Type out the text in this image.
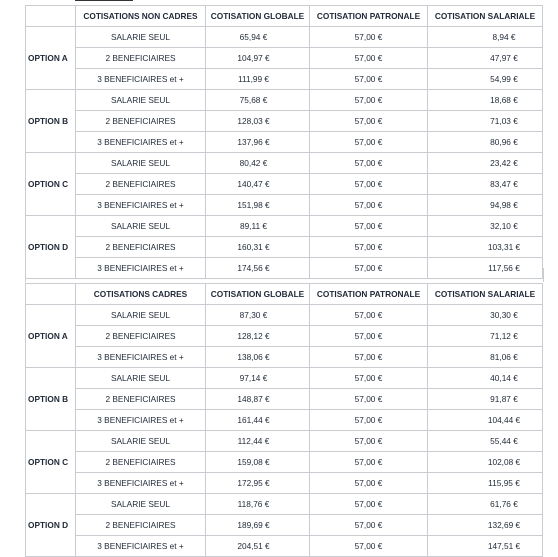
	COTISATIONS NON CADRES	COTISATION GLOBALE	COTISATION PATRONALE	COTISATION SALARIALE
OPTION A	SALARIE SEUL	65,94 €	57,00 €	8,94 €
	2 BENEFICIAIRES	104,97 €	57,00 €	47,97 €
	3 BENEFICIAIRES et +	111,99 €	57,00 €	54,99 €
OPTION B	SALARIE SEUL	75,68 €	57,00 €	18,68 €
	2 BENEFICIAIRES	128,03 €	57,00 €	71,03 €
	3 BENEFICIAIRES et +	137,96 €	57,00 €	80,96 €
OPTION C	SALARIE SEUL	80,42 €	57,00 €	23,42 €
	2 BENEFICIAIRES	140,47 €	57,00 €	83,47 €
	3 BENEFICIAIRES et +	151,98 €	57,00 €	94,98 €
OPTION D	SALARIE SEUL	89,11 €	57,00 €	32,10 €
	2 BENEFICIAIRES	160,31 €	57,00 €	103,31 €
	3 BENEFICIAIRES et +	174,56 €	57,00 €	117,56 €
	COTISATIONS CADRES	COTISATION GLOBALE	COTISATION PATRONALE	COTISATION SALARIALE
OPTION A	SALARIE SEUL	87,30 €	57,00 €	30,30 €
	2 BENEFICIAIRES	128,12 €	57,00 €	71,12 €
	3 BENEFICIAIRES et +	138,06 €	57,00 €	81,06 €
OPTION B	SALARIE SEUL	97,14 €	57,00 €	40,14 €
	2 BENEFICIAIRES	148,87 €	57,00 €	91,87 €
	3 BENEFICIAIRES et +	161,44 €	57,00 €	104,44 €
OPTION C	SALARIE SEUL	112,44 €	57,00 €	55,44 €
	2 BENEFICIAIRES	159,08 €	57,00 €	102,08 €
	3 BENEFICIAIRES et +	172,95 €	57,00 €	115,95 €
OPTION D	SALARIE SEUL	118,76 €	57,00 €	61,76 €
	2 BENEFICIAIRES	189,69 €	57,00 €	132,69 €
	3 BENEFICIAIRES et +	204,51 €	57,00 €	147,51 €
